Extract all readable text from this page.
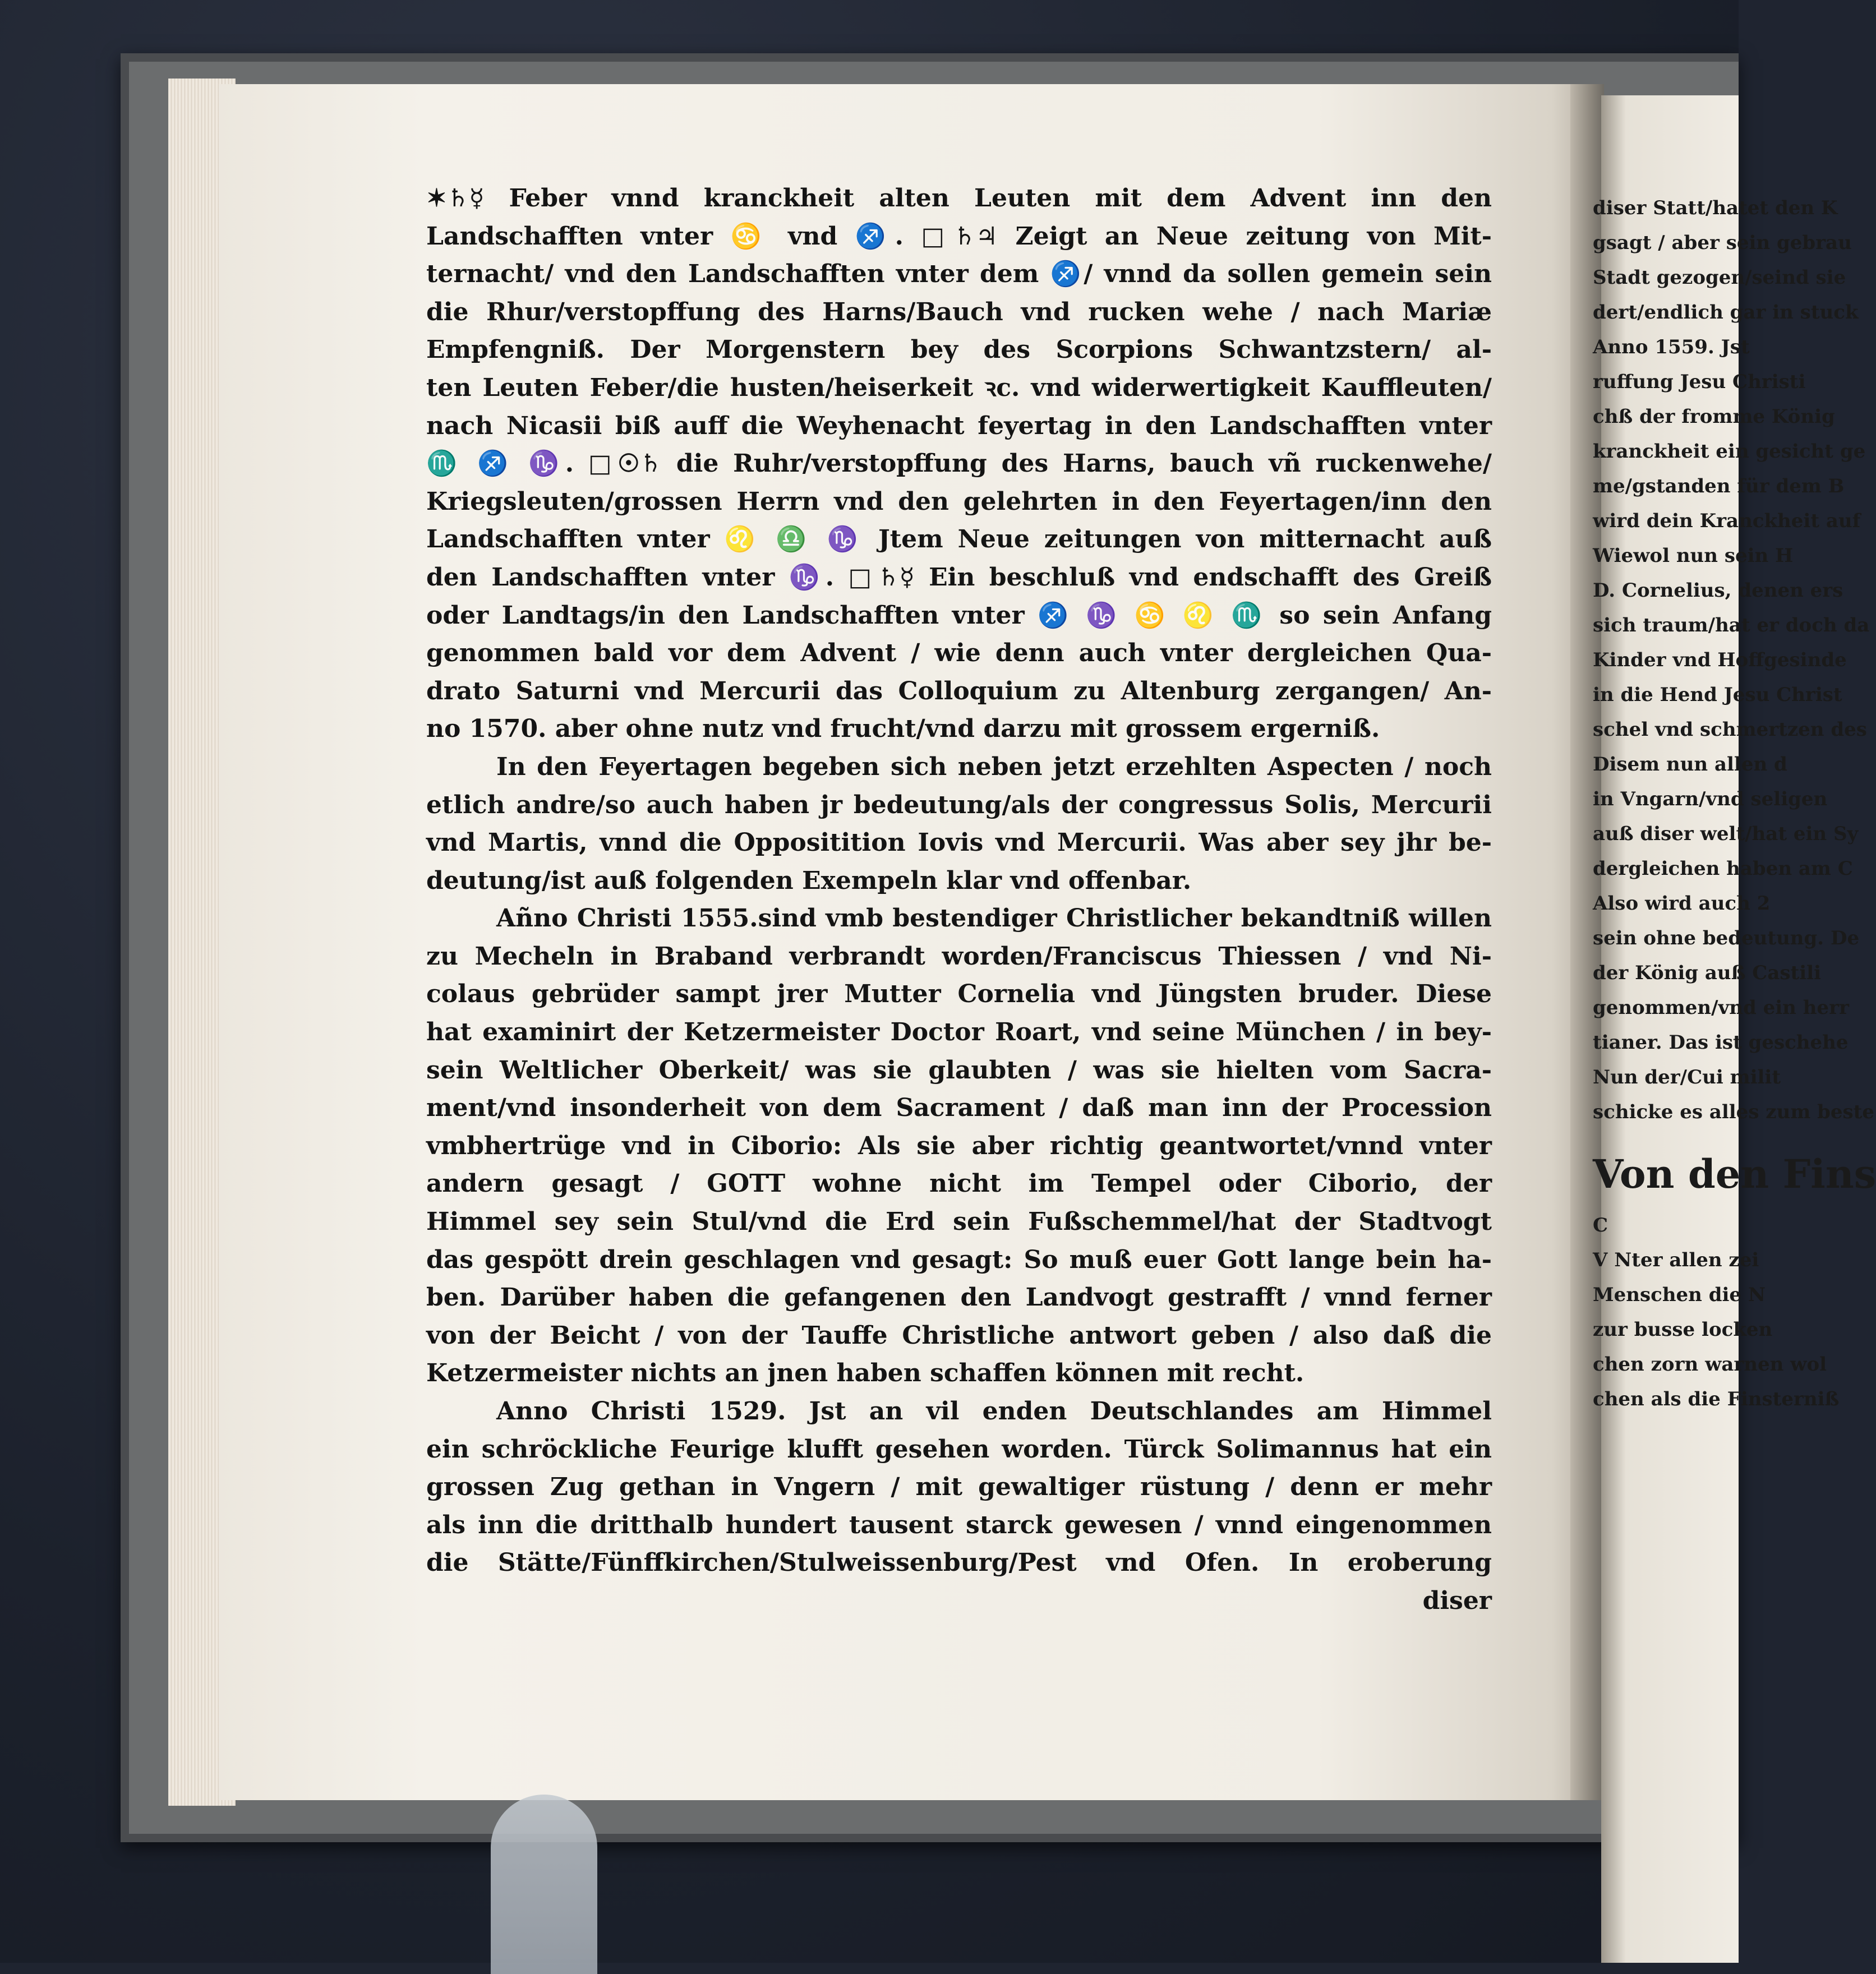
✶♄☿ Feber vnnd kranckheit alten Leuten mit dem Advent inn den
Landschafften vnter ♋ vnd ♐. □♄♃ Zeigt an Neue zeitung von Mit-
ternacht/ vnd den Landschafften vnter dem ♐/ vnnd da sollen gemein sein
die Rhur/verstopffung des Harns/Bauch vnd rucken wehe / nach Mariæ
Empfengniß. Der Morgenstern bey des Scorpions Schwantzstern/ al-
ten Leuten Feber/die husten/heiserkeit ꝛc. vnd widerwertigkeit Kauffleuten/
nach Nicasii biß auff die Weyhenacht feyertag in den Landschafften vnter
♏ ♐ ♑. □☉♄ die Ruhr/verstopffung des Harns, bauch vñ ruckenwehe/
Kriegsleuten/grossen Herrn vnd den gelehrten in den Feyertagen/inn den
Landschafften vnter ♌ ♎ ♑ Jtem Neue zeitungen von mitternacht auß
den Landschafften vnter ♑. □♄☿ Ein beschluß vnd endschafft des Greiß
oder Landtags/in den Landschafften vnter ♐ ♑ ♋ ♌ ♏ so sein Anfang
genommen bald vor dem Advent / wie denn auch vnter dergleichen Qua-
drato Saturni vnd Mercurii das Colloquium zu Altenburg zergangen/ An-
no 1570. aber ohne nutz vnd frucht/vnd darzu mit grossem ergerniß.
In den Feyertagen begeben sich neben jetzt erzehlten Aspecten / noch
etlich andre/so auch haben jr bedeutung/als der congressus Solis, Mercurii
vnd Martis, vnnd die Oppositition Iovis vnd Mercurii. Was aber sey jhr be-
deutung/ist auß folgenden Exempeln klar vnd offenbar.
Añno Christi 1555.sind vmb bestendiger Christlicher bekandtniß willen
zu Mecheln in Braband verbrandt worden/Franciscus Thiessen / vnd Ni-
colaus gebrüder sampt jrer Mutter Cornelia vnd Jüngsten bruder. Diese
hat examinirt der Ketzermeister Doctor Roart, vnd seine München / in bey-
sein Weltlicher Oberkeit/ was sie glaubten / was sie hielten vom Sacra-
ment/vnd insonderheit von dem Sacrament / daß man inn der Procession
vmbhertrüge vnd in Ciborio: Als sie aber richtig geantwortet/vnnd vnter
andern gesagt / GOTT wohne nicht im Tempel oder Ciborio, der
Himmel sey sein Stul/vnd die Erd sein Fußschemmel/hat der Stadtvogt
das gespött drein geschlagen vnd gesagt: So muß euer Gott lange bein ha-
ben. Darüber haben die gefangenen den Landvogt gestrafft / vnnd ferner
von der Beicht / von der Tauffe Christliche antwort geben / also daß die
Ketzermeister nichts an jnen haben schaffen können mit recht.
Anno Christi 1529. Jst an vil enden Deutschlandes am Himmel
ein schröckliche Feurige klufft gesehen worden. Türck Solimannus hat ein
grossen Zug gethan in Vngern / mit gewaltiger rüstung / denn er mehr
als inn die dritthalb hundert tausent starck gewesen / vnnd eingenommen
die Stätte/Fünffkirchen/Stulweissenburg/Pest vnd Ofen. In eroberung
diser
diser Statt/hatet den K
gsagt / aber sein gebrau
Stadt gezogen/seind sie
dert/endlich gar in stuck
Anno 1559. Jst
ruffung Jesu Christi
chß der fromme König
kranckheit ein gesicht ge
me/gstanden für dem B
wird dein Kranckheit auf
Wiewol nun sein H
D. Cornelius, denen ers
sich traum/hat er doch da
Kinder vnd Hoffgesinde
in die Hend Jesu Christ
schel vnd schmertzen des
Disem nun allen d
in Vngarn/vnd seligen
auß diser welt/hat ein Sy
dergleichen haben am C
Also wird auch 2
sein ohne bedeutung. De
der König auß Castili
genommen/vnd ein herr
tianer. Das ist geschehe
Nun der/Cui milit
schicke es alles zum beste
Von den Fins
C
V Nter allen zei
Menschen die N
zur busse locken
chen zorn warnen wol
chen als die Finsterniß
